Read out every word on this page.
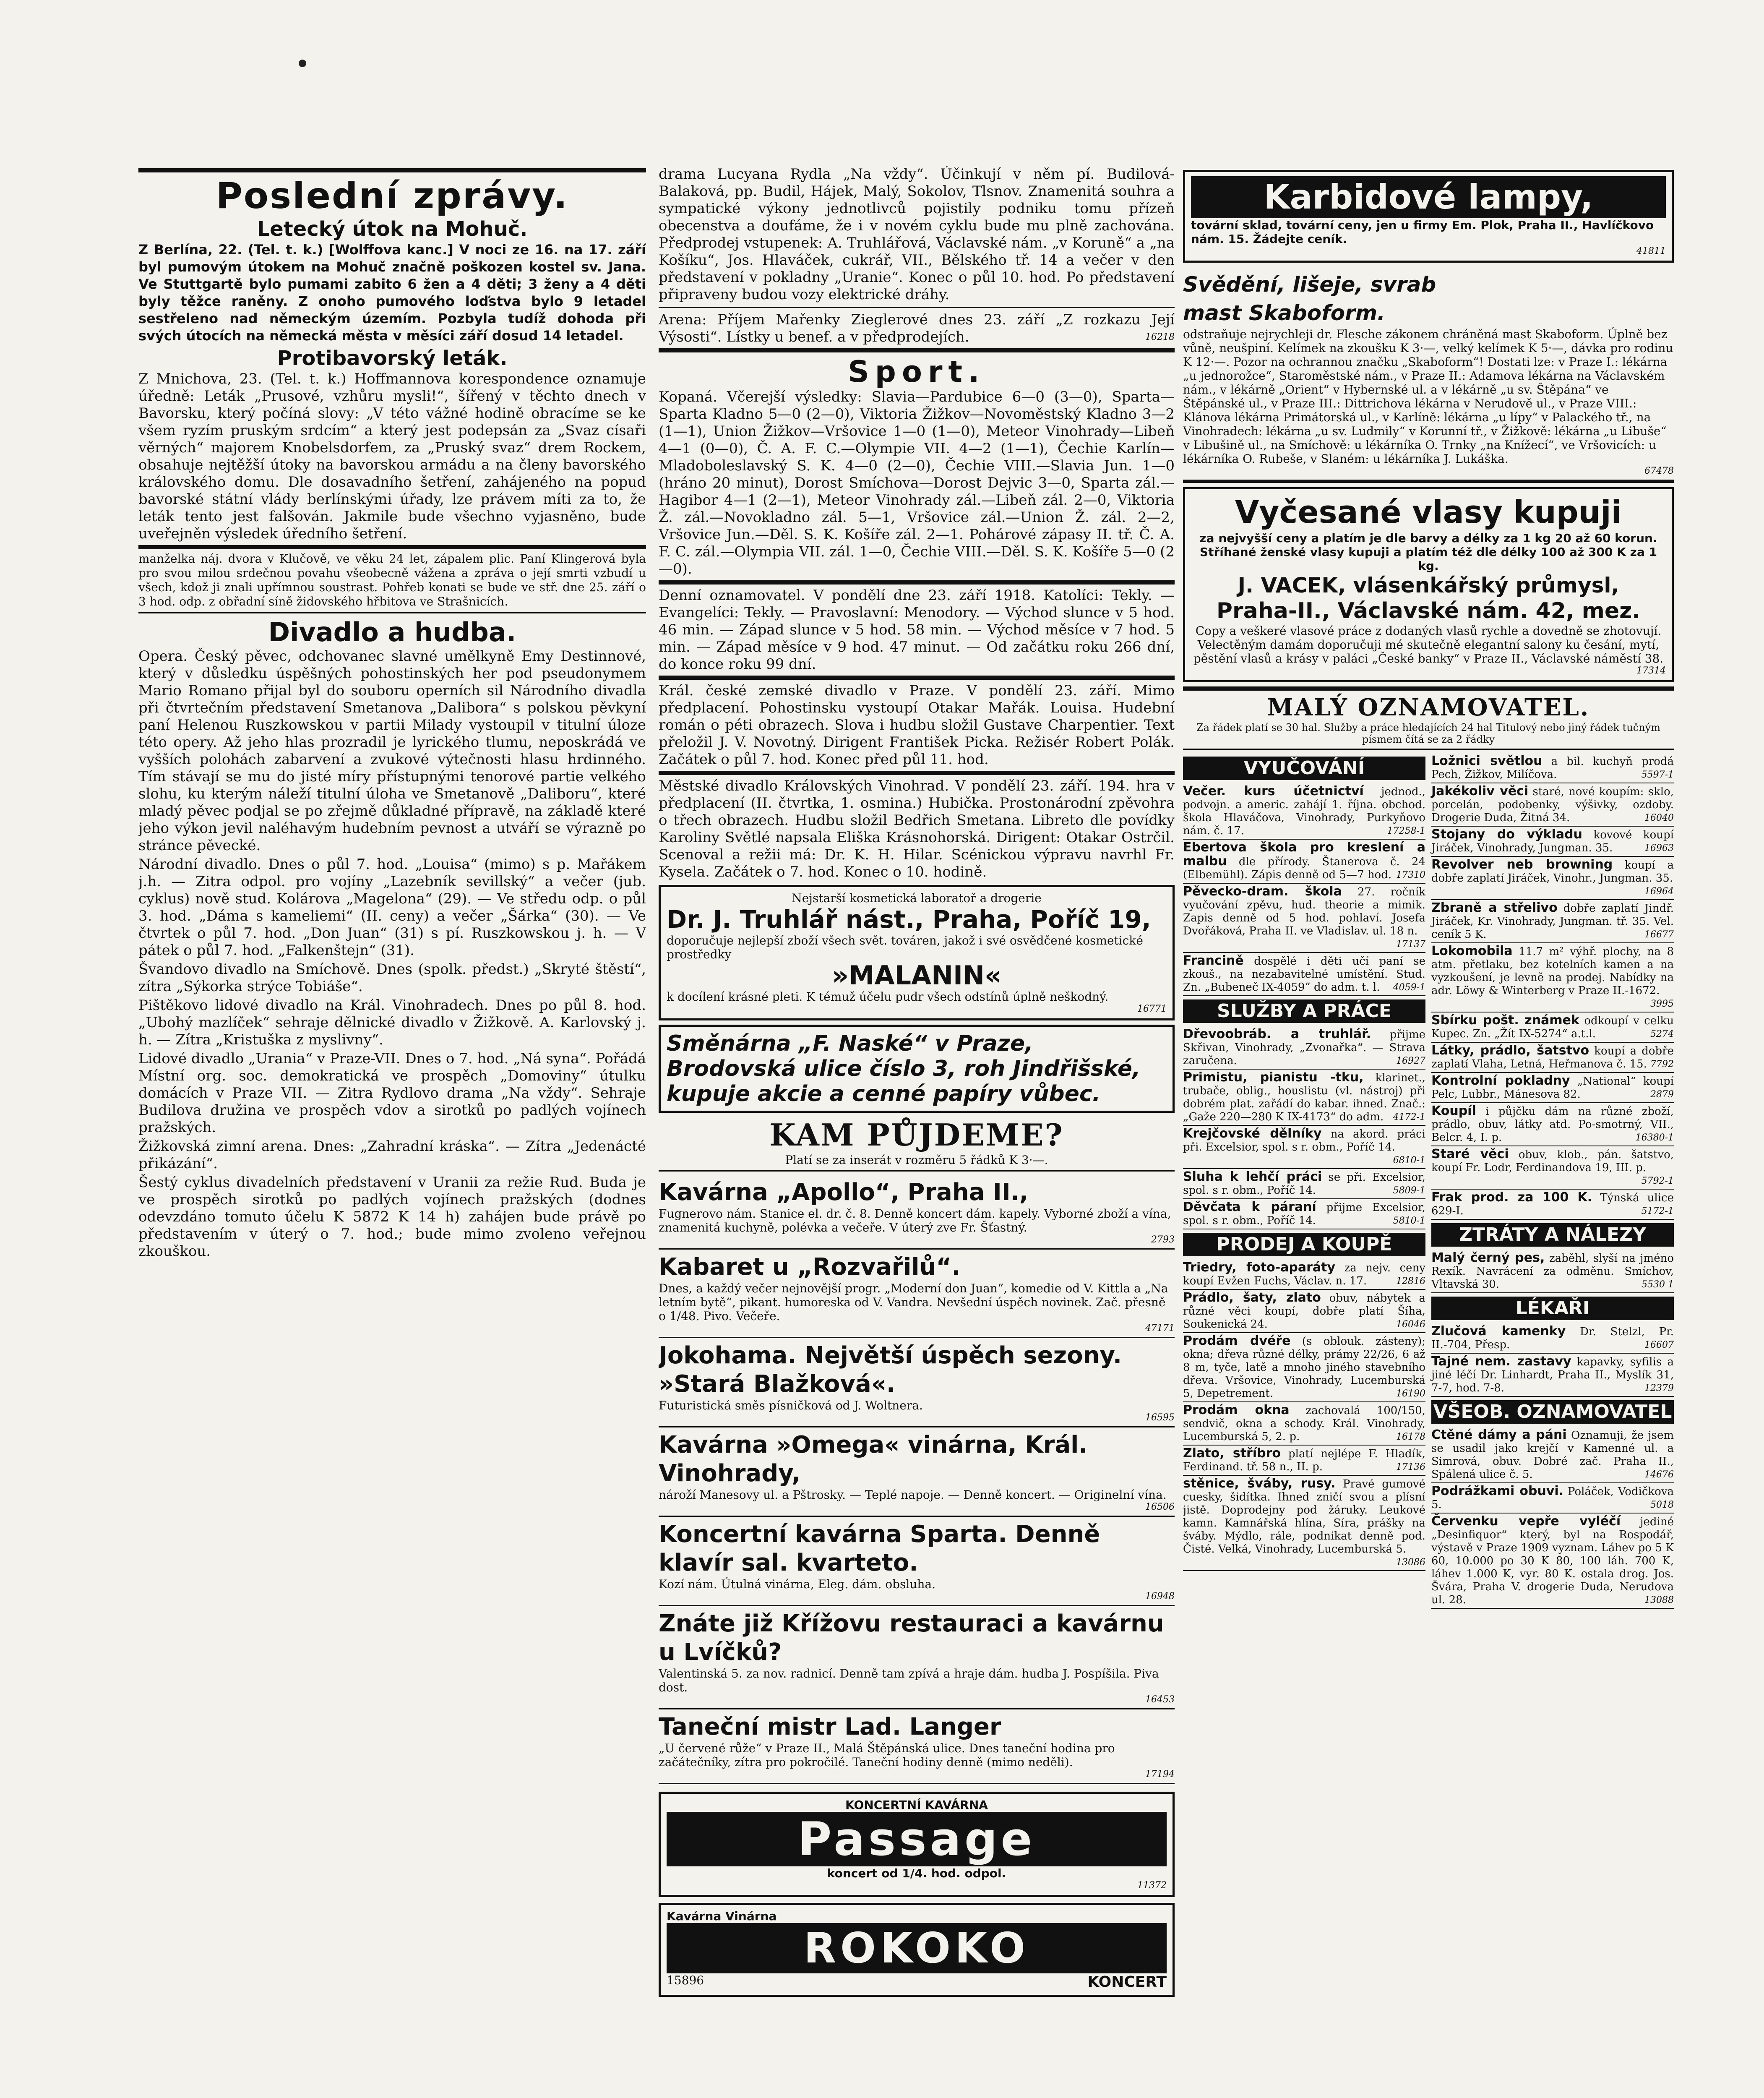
Poslední zprávy.
Letecký útok na Mohuč.

Z Berlína, 22. (Tel. t. k.) [Wolffova kanc.] V noci ze 16. na 17. září byl pumovým útokem na Mohuč značně poškozen kostel sv. Jana. Ve Stuttgartě bylo pumami zabito 6 žen a 4 děti; 3 ženy a 4 děti byly těžce raněny. Z onoho pumového loďstva bylo 9 letadel sestřeleno nad německým územím. Pozbyla tudíž dohoda při svých útocích na německá města v měsíci září dosud 14 letadel.

Protibavorský leták.

Z Mnichova, 23. (Tel. t. k.) Hoffmannova korespondence oznamuje úředně: Leták „Prusové, vzhůru mysli!“, šířený v těchto dnech v Bavorsku, který počíná slovy: „V této vážné hodině obracíme se ke všem ryzím pruským srdcím“ a který jest podepsán za „Svaz císaři věrných“ majorem Knobelsdorfem, za „Pruský svaz“ drem Rockem, obsahuje nejtěžší útoky na bavorskou armádu a na členy bavorského královského domu. Dle dosavadního šetření, zahájeného na popud bavorské státní vlády berlínskými úřady, lze právem míti za to, že leták tento jest falšován. Jakmile bude všechno vyjasněno, bude uveřejněn výsledek úředního šetření.

manželka náj. dvora v Klučově, ve věku 24 let, zápalem plic. Paní Klingerová byla pro svou milou srdečnou povahu všeobecně vážena a zpráva o její smrti vzbudí u všech, kdož ji znali upřímnou soustrast. Pohřeb konati se bude ve stř. dne 25. září o 3 hod. odp. z obřadní síně židovského hřbitova ve Strašnicích.

Divadlo a hudba.

Opera. Český pěvec, odchovanec slavné umělkyně Emy Destinnové, který v důsledku úspěšných pohostinských her pod pseudonymem Mario Romano přijal byl do souboru operních sil Národního divadla při čtvrtečním představení Smetanova „Dalibora“ s polskou pěvkyní paní Helenou Ruszkowskou v partii Milady vystoupil v titulní úloze této opery. Až jeho hlas prozradil je lyrického tlumu, neposkrádá ve vyšších polohách zabarvení a zvukové výtečnosti hlasu hrdinného. Tím stávají se mu do jisté míry přístupnými tenorové partie velkého slohu, ku kterým náleží titulní úloha ve Smetanově „Daliboru“, které mladý pěvec podjal se po zřejmě důkladné přípravě, na základě které jeho výkon jevil naléhavým hudebním pevnost a utváří se výrazně po stránce pěvecké.

Národní divadlo. Dnes o půl 7. hod. „Louisa“ (mimo) s p. Mařákem j.h. — Zitra odpol. pro vojíny „Lazebník sevillský“ a večer (jub. cyklus) nově stud. Kolárova „Magelona“ (29). — Ve středu odp. o půl 3. hod. „Dáma s kameliemi“ (II. ceny) a večer „Šárka“ (30). — Ve čtvrtek o půl 7. hod. „Don Juan“ (31) s pí. Ruszkowskou j. h. — V pátek o půl 7. hod. „Falkenštejn“ (31).

Švandovo divadlo na Smíchově. Dnes (spolk. předst.) „Skryté štěstí“, zítra „Sýkorka strýce Tobiáše“.

Pištěkovo lidové divadlo na Král. Vinohradech. Dnes po půl 8. hod. „Ubohý mazlíček“ sehraje dělnické divadlo v Žižkově. A. Karlovský j. h. — Zítra „Kristuška z myslivny“.

Lidové divadlo „Urania“ v Praze-VII. Dnes o 7. hod. „Ná syna“. Pořádá Místní org. soc. demokratická ve prospěch „Domoviny“ útulku domácích v Praze VII. — Zitra Rydlovo drama „Na vždy“. Sehraje Budilova družina ve prospěch vdov a sirotků po padlých vojínech pražských.

Žižkovská zimní arena. Dnes: „Zahradní kráska“. — Zítra „Jedenácté přikázání“.

Šestý cyklus divadelních představení v Uranii za režie Rud. Buda je ve prospěch sirotků po padlých vojínech pražských (dodnes odevzdáno tomuto účelu K 5872 K 14 h) zahájen bude právě po představením v úterý o 7. hod.; bude mimo zvoleno veřejnou zkouškou.

drama Lucyana Rydla „Na vždy“. Účinkují v něm pí. Budilová-Balaková, pp. Budil, Hájek, Malý, Sokolov, Tlsnov. Znamenitá souhra a sympatické výkony jednotlivců pojistily podniku tomu přízeň obecenstva a doufáme, že i v novém cyklu bude mu plně zachována. Předprodej vstupenek: A. Truhlářová, Václavské nám. „v Koruně“ a „na Košíku“, Jos. Hlaváček, cukrář, VII., Bělského tř. 14 a večer v den představení v pokladny „Uranie“. Konec o půl 10. hod. Po představení připraveny budou vozy elektrické dráhy.

Arena: Příjem Mařenky Zieglerové dnes 23. září „Z rozkazu Její Výsosti“. Lístky u benef. a v předprodejích.	16218

Sport.

Kopaná. Včerejší výsledky: Slavia—Pardubice 6—0 (3—0), Sparta—Sparta Kladno 5—0 (2—0), Viktoria Žižkov—Novoměstský Kladno 3—2 (1—1), Union Žižkov—Vršovice 1—0 (1—0), Meteor Vinohrady—Libeň 4—1 (0—0), Č. A. F. C.—Olympie VII. 4—2 (1—1), Čechie Karlín—Mladoboleslavský S. K. 4—0 (2—0), Čechie VIII.—Slavia Jun. 1—0 (hráno 20 minut), Dorost Smíchova—Dorost Dejvic 3—0, Sparta zál.—Hagibor 4—1 (2—1), Meteor Vinohrady zál.—Libeň zál. 2—0, Viktoria Ž. zál.—Novokladno zál. 5—1, Vršovice zál.—Union Ž. zál. 2—2, Vršovice Jun.—Děl. S. K. Košíře zál. 2—1. Pohárové zápasy II. tř. Č. A. F. C. zál.—Olympia VII. zál. 1—0, Čechie VIII.—Děl. S. K. Košíře 5—0 (2—0).

Denní oznamovatel. V pondělí dne 23. září 1918. Katolíci: Tekly. — Evangelíci: Tekly. — Pravoslavní: Menodory. — Východ slunce v 5 hod. 46 min. — Západ slunce v 5 hod. 58 min. — Východ měsíce v 7 hod. 5 min. — Západ měsíce v 9 hod. 47 minut. — Od začátku roku 266 dní, do konce roku 99 dní.

Král. české zemské divadlo v Praze. V pondělí 23. září. Mimo předplacení. Pohostinsku vystoupí Otakar Mařák. Louisa. Hudební román o péti obrazech. Slova i hudbu složil Gustave Charpentier. Text přeložil J. V. Novotný. Dirigent František Picka. Režisér Robert Polák. Začátek o půl 7. hod. Konec před půl 11. hod.

Městské divadlo Královských Vinohrad. V pondělí 23. září. 194. hra v předplacení (II. čtvrtka, 1. osmina.) Hubička. Prostonárodní zpěvohra o třech obrazech. Hudbu složil Bedřich Smetana. Libreto dle povídky Karoliny Světlé napsala Eliška Krásnohorská. Dirigent: Otakar Ostrčil. Scenoval a režii má: Dr. K. H. Hilar. Scénickou výpravu navrhl Fr. Kysela. Začátek o 7. hod. Konec o 10. hodině.

Nejstarší kosmetická laboratoř a drogerie
Dr. J. Truhlář nást., Praha, Poříč 19,
doporučuje nejlepší zboží všech svět. továren, jakož i své osvědčené kosmetické prostředky
»MALANIN«
k docílení krásné pleti. K témuž účelu pudr všech odstínů úplně neškodný.
16771
Směnárna „F. Naské“ v Praze, Brodovská ulice číslo 3, roh Jindřišské, kupuje akcie a cenné papíry vůbec.
KAM PŮJDEME?
Platí se za inserát v rozměru 5 řádků K 3·—.
Kavárna „Apollo“, Praha II.,
Fugnerovo nám. Stanice el. dr. č. 8. Denně koncert dám. kapely. Vyborné zboží a vína, znamenitá kuchyně, polévka a večeře. V úterý zve Fr. Šťastný.
2793
Kabaret u „Rozvařilů“.
Dnes, a každý večer nejnovější progr. „Moderní don Juan“, komedie od V. Kittla a „Na letním bytě“, pikant. humoreska od V. Vandra. Nevšední úspěch novinek. Zač. přesně o 1/48. Pivo. Večeře.
47171
Jokohama. Největší úspěch sezony. »Stará Blažková«.
Futuristická směs písničková od J. Woltnera.
16595
Kavárna »Omega« vinárna, Král. Vinohrady,
nároží Manesovy ul. a Pštrosky. — Teplé napoje. — Denně koncert. — Originelní vína.
16506
Koncertní kavárna Sparta. Denně klavír sal. kvarteto.
Kozí nám. Útulná vinárna, Eleg. dám. obsluha.
16948
Znáte již Křížovu restauraci a kavárnu u Lvíčků?
Valentinská 5. za nov. radnicí. Denně tam zpívá a hraje dám. hudba J. Pospíšila. Piva dost.
16453
Taneční mistr Lad. Langer
„U červené růže“ v Praze II., Malá Štěpánská ulice. Dnes taneční hodina pro začátečníky, zítra pro pokročilé. Taneční hodiny denně (mimo neděli).
17194
KONCERTNÍ KAVÁRNA
Passage
koncert od 1/4. hod. odpol.
11372
Kavárna Vinárna
ROKOKO
15896	KONCERT
Karbidové lampy,
tovární sklad, tovární ceny, jen u firmy Em. Plok, Praha II., Havlíčkovo nám. 15. Žádejte ceník.
41811
Svědění, lišeje, svrab
mast Skaboform.
odstraňuje nejrychleji dr. Flesche zákonem chráněná mast Skaboform. Úplně bez vůně, neušpiní. Kelímek na zkoušku K 3·—, velký kelímek K 5·—, dávka pro rodinu K 12·—. Pozor na ochrannou značku „Skaboform“! Dostati lze: v Praze I.: lékárna „u jednorožce“, Staroměstské nám., v Praze II.: Adamova lékárna na Václavském nám., v lékárně „Orient“ v Hybernské ul. a v lékárně „u sv. Štěpána“ ve Štěpánské ul., v Praze III.: Dittrichova lékárna v Nerudově ul., v Praze VIII.: Klánova lékárna Primátorská ul., v Karlíně: lékárna „u lípy“ v Palackého tř., na Vinohradech: lékárna „u sv. Ludmily“ v Korunní tř., v Žižkově: lékárna „u Libuše“ v Libušině ul., na Smíchově: u lékárníka O. Trnky „na Knížecí“, ve Vršovicích: u lékárníka O. Rubeše, v Slaném: u lékárníka J. Lukáška.
67478
Vyčesané vlasy kupuji
za nejvyšší ceny a platím je dle barvy a délky za 1 kg 20 až 60 korun. Stříhané ženské vlasy kupuji a platím též dle délky 100 až 300 K za 1 kg.
J. VACEK, vlásenkářský průmysl,
Praha-II., Václavské nám. 42, mez.
Copy a veškeré vlasové práce z dodaných vlasů rychle a dovedně se zhotovují. Velectěným damám doporučuji mé skutečně elegantní salony ku česání, mytí, pěstění vlasů a krásy v paláci „České banky“ v Praze II., Václavské náměstí 38.
17314
MALÝ OZNAMOVATEL.
Za řádek platí se 30 hal. Služby a práce hledajících 24 hal Titulový nebo jiný řádek tučným písmem čítá se za 2 řádky
VYUČOVÁNÍ
Večer. kurs účetnictví jednod., podvojn. a americ. zahájí 1. října. obchod. škola Hlaváčova, Vinohrady, Purkyňovo nám. č. 17.	17258-1
Ebertova škola pro kreslení a malbu dle přírody. Štanerova č. 24 (Elbemühl). Zápis denně od 5—7 hod. 17310
Pěvecko-dram. škola 27. ročník vyučování zpěvu, hud. theorie a mimik. Zapis denně od 5 hod. pohlaví. Josefa Dvořáková, Praha II. ve Vladislav. ul. 18 n.
17137
Francině dospělé i děti učí paní se zkouš., na nezabavitelné umístění. Stud. Zn. „Bubeneč IX-4059“ do adm. t. l. 4059-1
SLUŽBY A PRÁCE
Dřevoobráb. a truhlář. přijme Skřivan, Vinohrady, „Zvonařka“. — Strava zaručena.	16927
Primistu, pianistu -tku, klarinet., trubače, oblig., houslistu (vl. nástroj) při dobrém plat. zařádí do kabar. ihned. Znač.: „Gaže 220—280 K IX-4173“ do adm. 4172-1
Krejčovské dělníky na akord. práci při. Excelsior, spol. s r. obm., Poříč 14.
6810-1
Sluha k lehčí práci se při. Excelsior, spol. s r. obm., Poříč 14.	5809-1
Děvčata k páraní přijme Excelsior, spol. s r. obm., Poříč 14.	5810-1
PRODEJ A KOUPĚ
Triedry, foto-aparáty za nejv. ceny koupí Evžen Fuchs, Václav. n. 17.	12816
Prádlo, šaty, zlato obuv, nábytek a různé věci koupí, dobře platí Šíha, Soukenická 24.	16046
Prodám dvéře (s oblouk. zásteny); okna; dřeva různé délky, prámy 22/26, 6 až 8 m, tyče, latě a mnoho jiného stavebního dřeva. Vršovice, Vinohrady, Lucemburská 5, Depetrement.	16190
Prodám okna zachovalá 100/150, sendvič, okna a schody. Král. Vinohrady, Lucemburská 5, 2. p.	16178
Zlato, stříbro platí nejlépe F. Hladík, Ferdinand. tř. 58 n., II. p.	17136
stěnice, šváby, rusy. Pravé gumové cuesky, šidítka. Ihned zničí svou a plísní jistě. Doprodejny pod žáruky. Leukové kamn. Kamnářská hlína, Síra, prášky na šváby. Mýdlo, rále, podnikat denně pod. Čisté. Velká, Vinohrady, Lucemburská 5.
13086
Ložnici světlou a bil. kuchyň prodá Pech, Žižkov, Milíčova.	5597-1
Jakékoliv věci staré, nové koupím: sklo, porcelán, podobenky, výšivky, ozdoby. Drogerie Duda, Žitná 34.	16040
Stojany do výkladu kovové koupí Jiráček, Vinohrady, Jungman. 35.	16963
Revolver neb browning koupí a dobře zaplatí Jiráček, Vinohr., Jungman. 35.
16964
Zbraně a střelivo dobře zaplatí Jindř. Jiráček, Kr. Vinohrady, Jungman. tř. 35. Vel. ceník 5 K.	16677
Lokomobila 11.7 m² výhř. plochy, na 8 atm. přetlaku, bez kotelních kamen a na vyzkoušení, je levně na prodej. Nabídky na adr. Löwy & Winterberg v Praze II.-1672.
3995
Sbírku pošt. známek odkoupí v celku Kupec. Zn. „Žít IX-5274“ a.t.l.	5274
Látky, prádlo, šatstvo koupí a dobře zaplatí Vlaha, Letná, Heřmanova č. 15. 7792
Kontrolní pokladny „National“ koupí Pelc, Lubbr., Mánesova 82.	2879
Koupíl i půjčku dám na různé zboží, prádlo, obuv, látky atd. Po-smotrný, VII., Belcr. 4, I. p.	16380-1
Staré věci obuv, klob., pán. šatstvo, koupí Fr. Lodr, Ferdinandova 19, III. p.
5792-1
Frak prod. za 100 K. Týnská ulice 629-I.	5172-1
ZTRÁTY A NÁLEZY
Malý černý pes, zaběhl, slyší na jméno Rexík. Navrácení za odměnu. Smíchov, Vltavská 30.	5530 1
LÉKAŘI
Zlučová kamenky Dr. Stelzl, Pr. II.-704, Přesp.	16607
Tajné nem. zastavy kapavky, syfilis a jiné léčí Dr. Linhardt, Praha II., Myslík 31, 7-7, hod. 7-8.	12379
VŠEOB. OZNAMOVATEL
Ctěné dámy a páni Oznamuji, že jsem se usadil jako krejčí v Kamenné ul. a Simrová, obuv. Dobré zač. Praha II., Spálená ulice č. 5.	14676
Podrážkami obuvi. Poláček, Vodičkova 5.	5018
Červenku vepře vyléčí jediné „Desinfiquor“ který, byl na Rospodář, výstavě v Praze 1909 vyznam. Láhev po 5 K 60, 10.000 po 30 K 80, 100 láh. 700 K, láhev 1.000 K, vyr. 80 K. ostala drog. Jos. Švára, Praha V. drogerie Duda, Nerudova ul. 28.	13088
